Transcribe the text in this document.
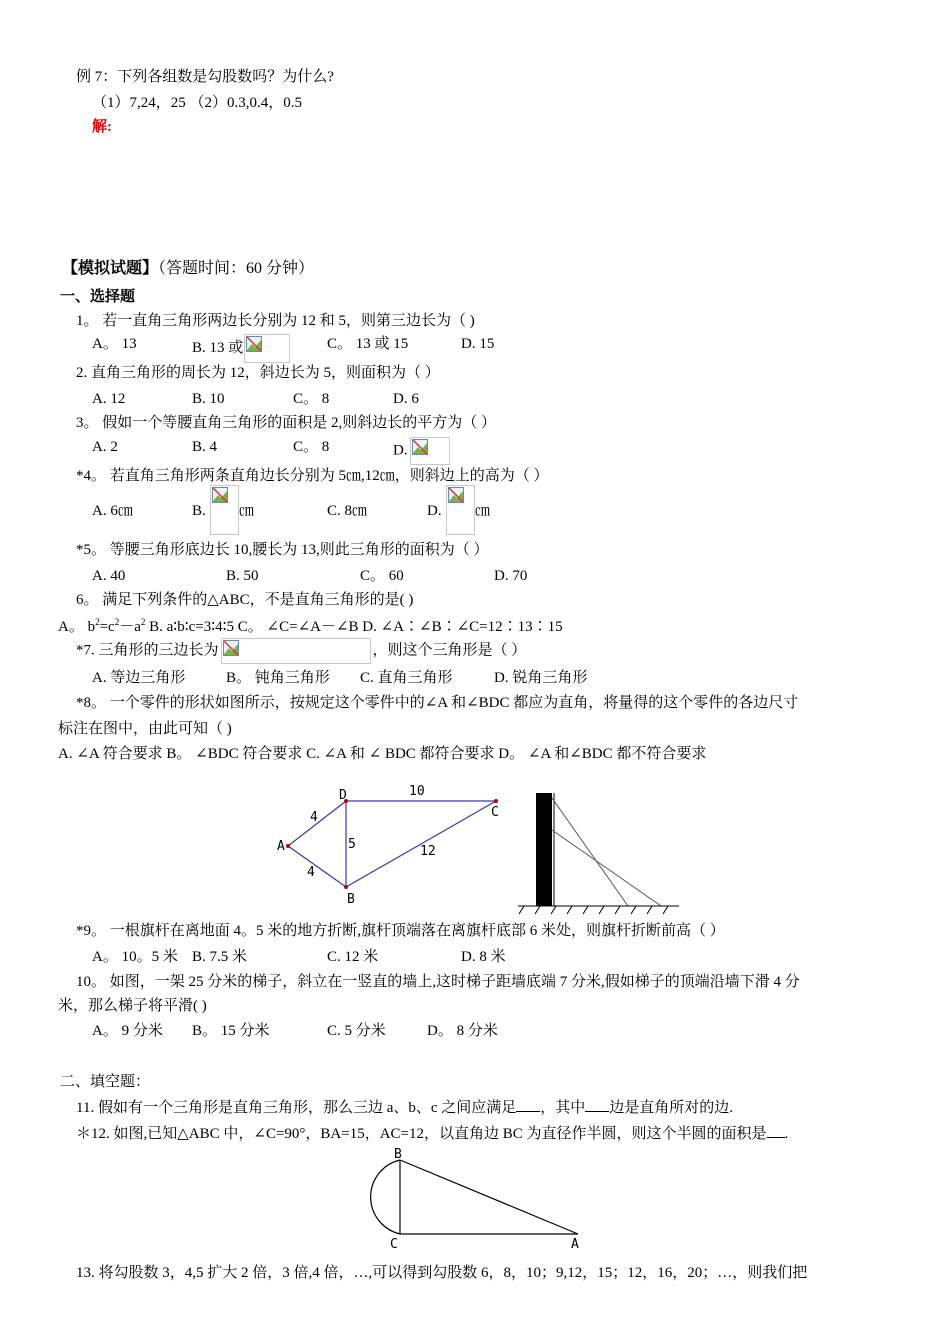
例 7：下列各组数是勾股数吗？为什么?
（1）7,24，25 （2）0.3,0.4，0.5
解:
【模拟试题】（答题时间：60 分钟）
一、选择题
1。 若一直角三角形两边长分别为 12 和 5，则第三边长为（ )
A。 13	B. 13 或	C。 13 或 15	D. 15
2. 直角三角形的周长为 12，斜边长为 5，则面积为（ ）
A. 12	B. 10	C。 8	D. 6
3。 假如一个等腰直角三角形的面积是 2,则斜边长的平方为（ ）
A. 2	B. 4	C。 8	D.
*4。 若直角三角形两条直角边长分别为 5㎝,12㎝，则斜边上的高为（ ）
A. 6㎝	B. ㎝	C. 8㎝	D. ㎝
*5。 等腰三角形底边长 10,腰长为 13,则此三角形的面积为（ ）
A. 40	B. 50	C。 60	D. 70
6。 满足下列条件的△ABC，不是直角三角形的是( )
A。 $b^2=c^2-a^2$ B. a∶b∶c=3∶4∶5 C。 ∠C=∠A－∠B D. ∠A∶∠B∶∠C=12∶13∶15
*7. 三角形的三边长为	，则这个三角形是（ ）
A. 等边三角形	B。 钝角三角形 C. 直角三角形	D. 锐角三角形
*8。 一个零件的形状如图所示，按规定这个零件中的∠A 和∠BDC 都应为直角，将量得的这个零件的各边尺寸
标注在图中，由此可知（ )
A. ∠A 符合要求 B。 ∠BDC 符合要求 C. ∠A 和 ∠ BDC 都符合要求 D。 ∠A 和∠BDC 都不符合要求
A
D
B
C
4
4
5
10
12
*9。 一根旗杆在离地面 4。5 米的地方折断,旗杆顶端落在离旗杆底部 6 米处，则旗杆折断前高（ ）
A。 10。5 米 B. 7.5 米	C. 12 米	D. 8 米
10。 如图，一架 25 分米的梯子，斜立在一竖直的墙上,这时梯子距墙底端 7 分米,假如梯子的顶端沿墙下滑 4 分
米，那么梯子将平滑( )
A。 9 分米 B。 15 分米	C. 5 分米	D。 8 分米
二、填空题：
11. 假如有一个三角形是直角三角形，那么三边 a、b、c 之间应满足 ，其中 边是直角所对的边.
＊12. 如图,已知△ABC 中，∠C=90°，BA=15，AC=12，以直角边 BC 为直径作半圆，则这个半圆的面积是 .
B
C	A
13. 将勾股数 3，4,5 扩大 2 倍，3 倍,4 倍，…,可以得到勾股数 6，8，10；9,12，15；12，16，20；…，则我们把
